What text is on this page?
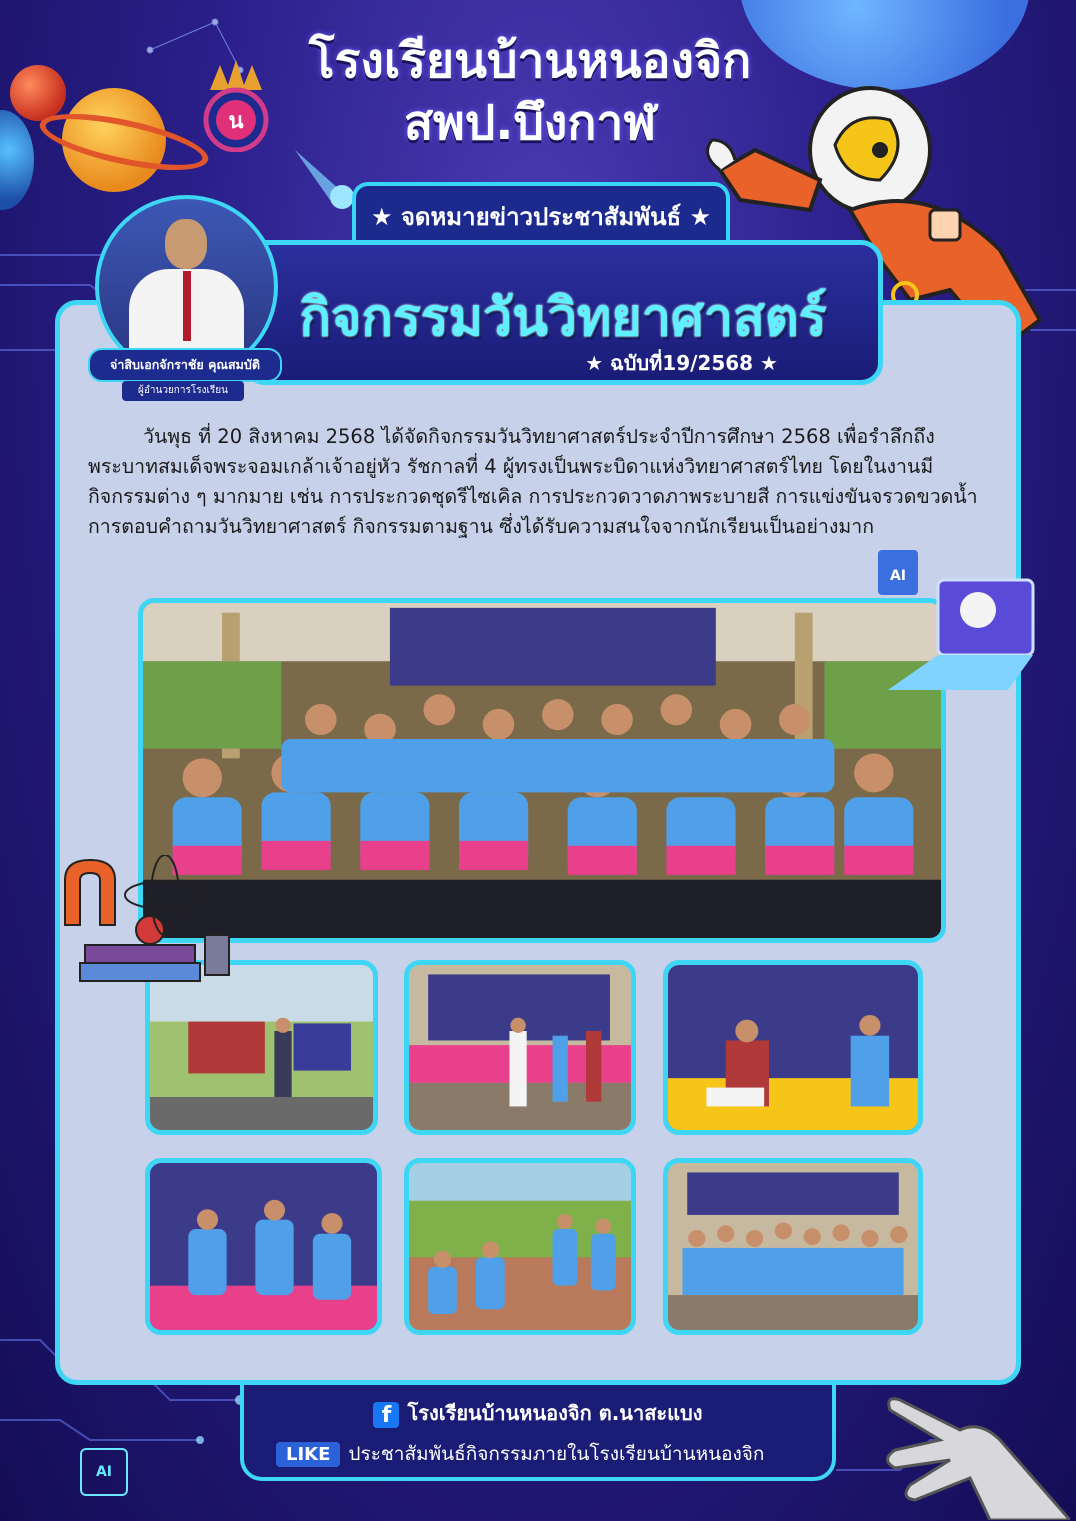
น
โรงเรียนบ้านหนองจิก
สพป.บึงกาฬ
★ จดหมายข่าวประชาสัมพันธ์ ★
กิจกรรมวันวิทยาศาสตร์
★ ฉบับที่19/2568 ★
จ่าสิบเอกจักราชัย คุณสมบัติ
ผู้อำนวยการโรงเรียน

วันพุธ ที่ 20 สิงหาคม 2568 ได้จัดกิจกรรมวันวิทยาศาสตร์ประจำปีการศึกษา 2568 เพื่อรำลึกถึงพระบาทสมเด็จพระจอมเกล้าเจ้าอยู่หัว รัชกาลที่ 4 ผู้ทรงเป็นพระบิดาแห่งวิทยาศาสตร์ไทย โดยในงานมีกิจกรรมต่าง ๆ มากมาย เช่น การประกวดชุดรีไซเคิล การประกวดวาดภาพระบายสี การแข่งขันจรวดขวดน้ำ การตอบคำถามวันวิทยาศาสตร์ กิจกรรมตามฐาน ซึ่งได้รับความสนใจจากนักเรียนเป็นอย่างมาก

AI
f โรงเรียนบ้านหนองจิก ต.นาสะแบง
LIKE ประชาสัมพันธ์กิจกรรมภายในโรงเรียนบ้านหนองจิก
AI
